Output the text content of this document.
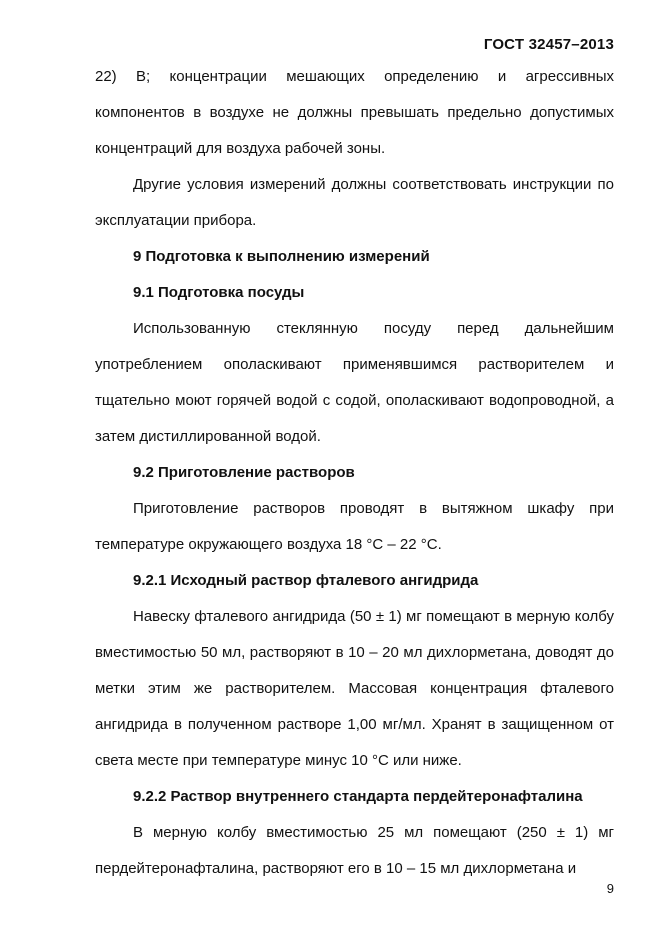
ГОСТ 32457–2013

22) В; концентрации мешающих определению и агрессивных компонентов в воздухе не должны превышать предельно допустимых концентраций для воздуха рабочей зоны.

Другие условия измерений должны соответствовать инструкции по эксплуатации прибора.

9 Подготовка к выполнению измерений

9.1 Подготовка посуды

Использованную стеклянную посуду перед дальнейшим употреблением ополаскивают применявшимся растворителем и тщательно моют горячей водой с содой, ополаскивают водопроводной, а затем дистиллированной водой.

9.2 Приготовление растворов

Приготовление растворов проводят в вытяжном шкафу при температуре окружающего воздуха 18 °С – 22 °С.

9.2.1 Исходный раствор фталевого ангидрида

Навеску фталевого ангидрида (50 ± 1) мг помещают в мерную колбу вместимостью 50 мл, растворяют в 10 – 20 мл дихлорметана, доводят до метки этим же растворителем. Массовая концентрация фталевого ангидрида в полученном растворе 1,00 мг/мл. Хранят в защищенном от света месте при температуре минус 10 °С или ниже.

9.2.2 Раствор внутреннего стандарта пердейтеронафталина

В мерную колбу вместимостью 25 мл помещают (250 ± 1) мг пердейтеронафталина, растворяют его в 10 – 15 мл дихлорметана и

9
